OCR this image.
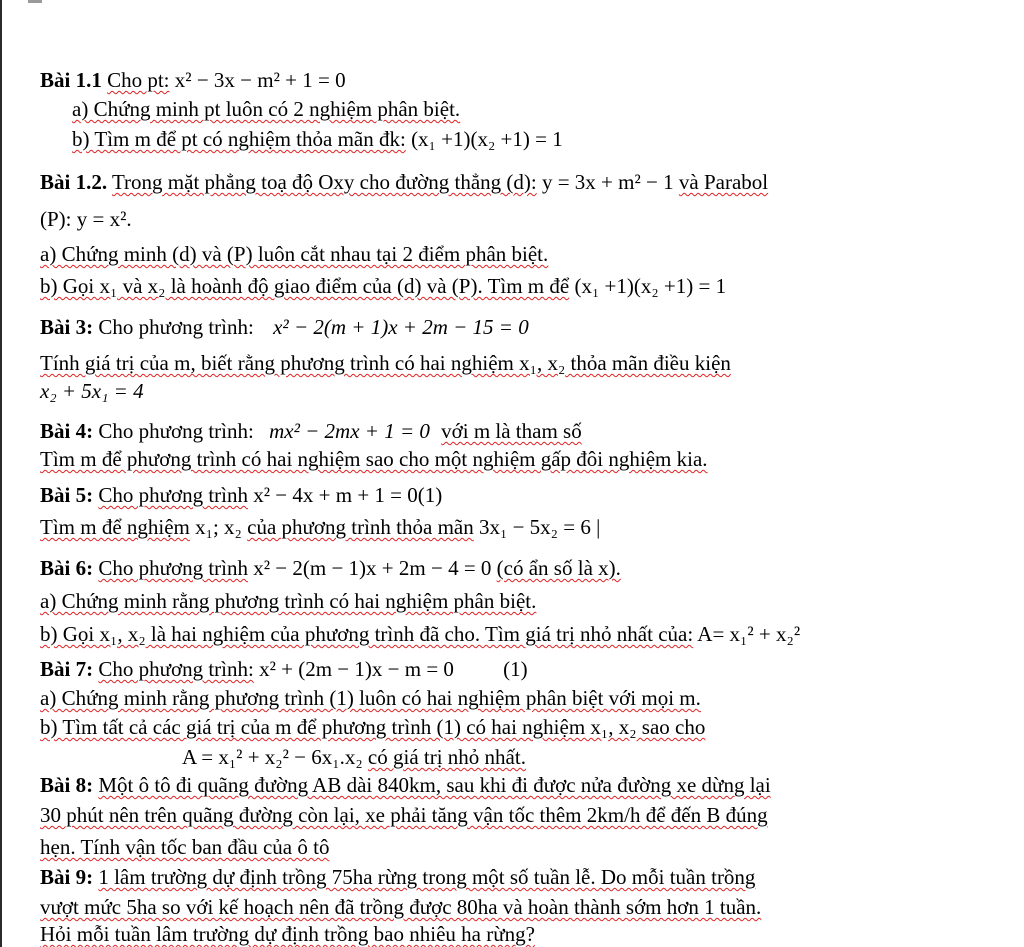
Bài 1.1 Cho pt: x² − 3x − m² + 1 = 0
a) Chứng minh pt luôn có 2 nghiệm phân biệt.
b) Tìm m để pt có nghiệm thỏa mãn đk: (x₁ +1)(x₂ +1) = 1
Bài 1.2. Trong mặt phẳng toạ độ Oxy cho đường thẳng (d): y = 3x + m² − 1 và Parabol
(P): y = x².
a) Chứng minh (d) và (P) luôn cắt nhau tại 2 điểm phân biệt.
b) Gọi x₁ và x₂ là hoành độ giao điểm của (d) và (P). Tìm m để (x₁ +1)(x₂ +1) = 1
Bài 3: Cho phương trình: x² − 2(m + 1)x + 2m − 15 = 0
Tính giá trị của m, biết rằng phương trình có hai nghiệm x₁, x₂ thỏa mãn điều kiện
x₂ + 5x₁ = 4
Bài 4: Cho phương trình: mx² − 2mx + 1 = 0 với m là tham số
Tìm m để phương trình có hai nghiệm sao cho một nghiệm gấp đôi nghiệm kia.
Bài 5: Cho phương trình x² − 4x + m + 1 = 0(1)
Tìm m để nghiệm x₁; x₂ của phương trình thỏa mãn 3x₁ − 5x₂ = 6 |
Bài 6: Cho phương trình x² − 2(m − 1)x + 2m − 4 = 0 (có ẩn số là x).
a) Chứng minh rằng phương trình có hai nghiệm phân biệt.
b) Gọi x₁, x₂ là hai nghiệm của phương trình đã cho. Tìm giá trị nhỏ nhất của: A= x₁² + x₂²
Bài 7: Cho phương trình: x² + (2m − 1)x − m = 0 (1)
a) Chứng minh rằng phương trình (1) luôn có hai nghiệm phân biệt với mọi m.
b) Tìm tất cả các giá trị của m để phương trình (1) có hai nghiệm x₁, x₂ sao cho
A = x₁² + x₂² − 6x₁.x₂ có giá trị nhỏ nhất.
Bài 8: Một ô tô đi quãng đường AB dài 840km, sau khi đi được nửa đường xe dừng lại
30 phút nên trên quãng đường còn lại, xe phải tăng vận tốc thêm 2km/h để đến B đúng
hẹn. Tính vận tốc ban đầu của ô tô
Bài 9: 1 lâm trường dự định trồng 75ha rừng trong một số tuần lễ. Do mỗi tuần trồng
vượt mức 5ha so với kế hoạch nên đã trồng được 80ha và hoàn thành sớm hơn 1 tuần.
Hỏi mỗi tuần lâm trường dự định trồng bao nhiêu ha rừng?
